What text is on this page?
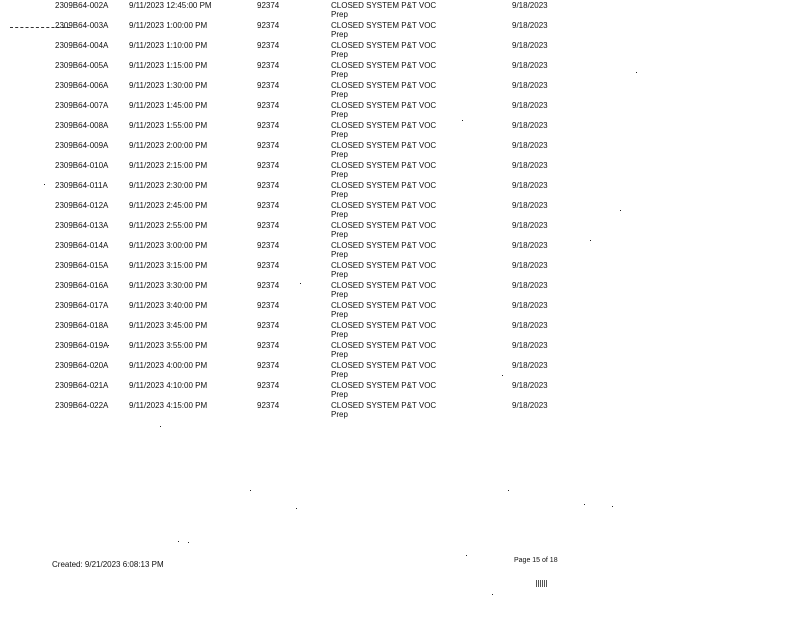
2309B64-002A	9/11/2023 12:45:00 PM	92374	CLOSED SYSTEM P&T VOC
Prep
9/18/2023
2309B64-003A	9/11/2023 1:00:00 PM	92374	CLOSED SYSTEM P&T VOC
Prep
9/18/2023
2309B64-004A	9/11/2023 1:10:00 PM	92374	CLOSED SYSTEM P&T VOC
Prep
9/18/2023
2309B64-005A	9/11/2023 1:15:00 PM	92374	CLOSED SYSTEM P&T VOC
Prep
9/18/2023
2309B64-006A	9/11/2023 1:30:00 PM	92374	CLOSED SYSTEM P&T VOC
Prep
9/18/2023
2309B64-007A	9/11/2023 1:45:00 PM	92374	CLOSED SYSTEM P&T VOC
Prep
9/18/2023
2309B64-008A	9/11/2023 1:55:00 PM	92374	CLOSED SYSTEM P&T VOC
Prep
9/18/2023
2309B64-009A	9/11/2023 2:00:00 PM	92374	CLOSED SYSTEM P&T VOC
Prep
9/18/2023
2309B64-010A	9/11/2023 2:15:00 PM	92374	CLOSED SYSTEM P&T VOC
Prep
9/18/2023
2309B64-011A	9/11/2023 2:30:00 PM	92374	CLOSED SYSTEM P&T VOC
Prep
9/18/2023
2309B64-012A	9/11/2023 2:45:00 PM	92374	CLOSED SYSTEM P&T VOC
Prep
9/18/2023
2309B64-013A	9/11/2023 2:55:00 PM	92374	CLOSED SYSTEM P&T VOC
Prep
9/18/2023
2309B64-014A	9/11/2023 3:00:00 PM	92374	CLOSED SYSTEM P&T VOC
Prep
9/18/2023
2309B64-015A	9/11/2023 3:15:00 PM	92374	CLOSED SYSTEM P&T VOC
Prep
9/18/2023
2309B64-016A	9/11/2023 3:30:00 PM	92374	CLOSED SYSTEM P&T VOC
Prep
9/18/2023
2309B64-017A	9/11/2023 3:40:00 PM	92374	CLOSED SYSTEM P&T VOC
Prep
9/18/2023
2309B64-018A	9/11/2023 3:45:00 PM	92374	CLOSED SYSTEM P&T VOC
Prep
9/18/2023
2309B64-019A	9/11/2023 3:55:00 PM	92374	CLOSED SYSTEM P&T VOC
Prep
9/18/2023
2309B64-020A	9/11/2023 4:00:00 PM	92374	CLOSED SYSTEM P&T VOC
Prep
9/18/2023
2309B64-021A	9/11/2023 4:10:00 PM	92374	CLOSED SYSTEM P&T VOC
Prep
9/18/2023
2309B64-022A	9/11/2023 4:15:00 PM	92374	CLOSED SYSTEM P&T VOC
Prep
9/18/2023
Created: 9/21/2023 6:08:13 PM	Page 15 of 18
